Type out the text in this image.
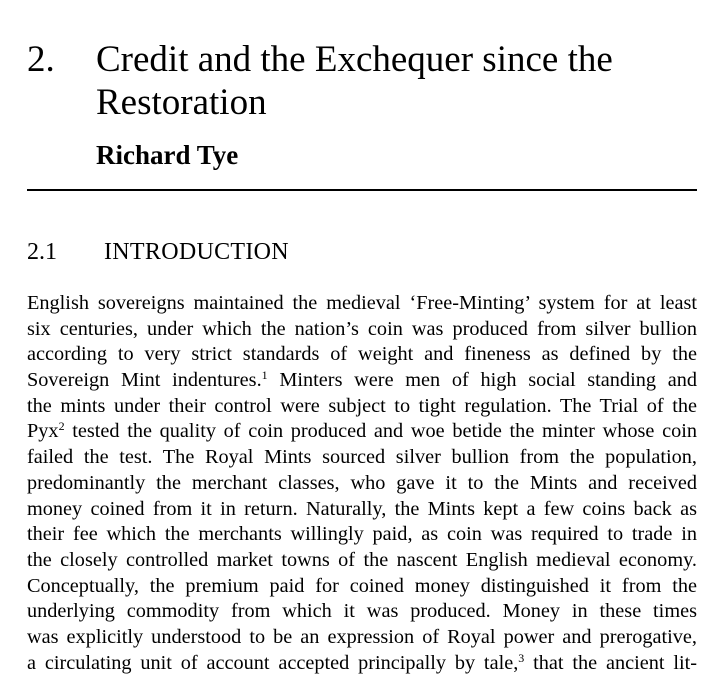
2. Credit and the Exchequer since the
Restoration
Richard Tye
2.1 INTRODUCTION
English sovereigns maintained the medieval ‘Free-Minting’ system for at least
six centuries, under which the nation’s coin was produced from silver bullion
according to very strict standards of weight and fineness as defined by the
Sovereign Mint indentures.$^1$ Minters were men of high social standing and
the mints under their control were subject to tight regulation. The Trial of the
Pyx$^2$ tested the quality of coin produced and woe betide the minter whose coin
failed the test. The Royal Mints sourced silver bullion from the population,
predominantly the merchant classes, who gave it to the Mints and received
money coined from it in return. Naturally, the Mints kept a few coins back as
their fee which the merchants willingly paid, as coin was required to trade in
the closely controlled market towns of the nascent English medieval economy.
Conceptually, the premium paid for coined money distinguished it from the
underlying commodity from which it was produced. Money in these times
was explicitly understood to be an expression of Royal power and prerogative,
a circulating unit of account accepted principally by tale,$^3$ that the ancient lit-
